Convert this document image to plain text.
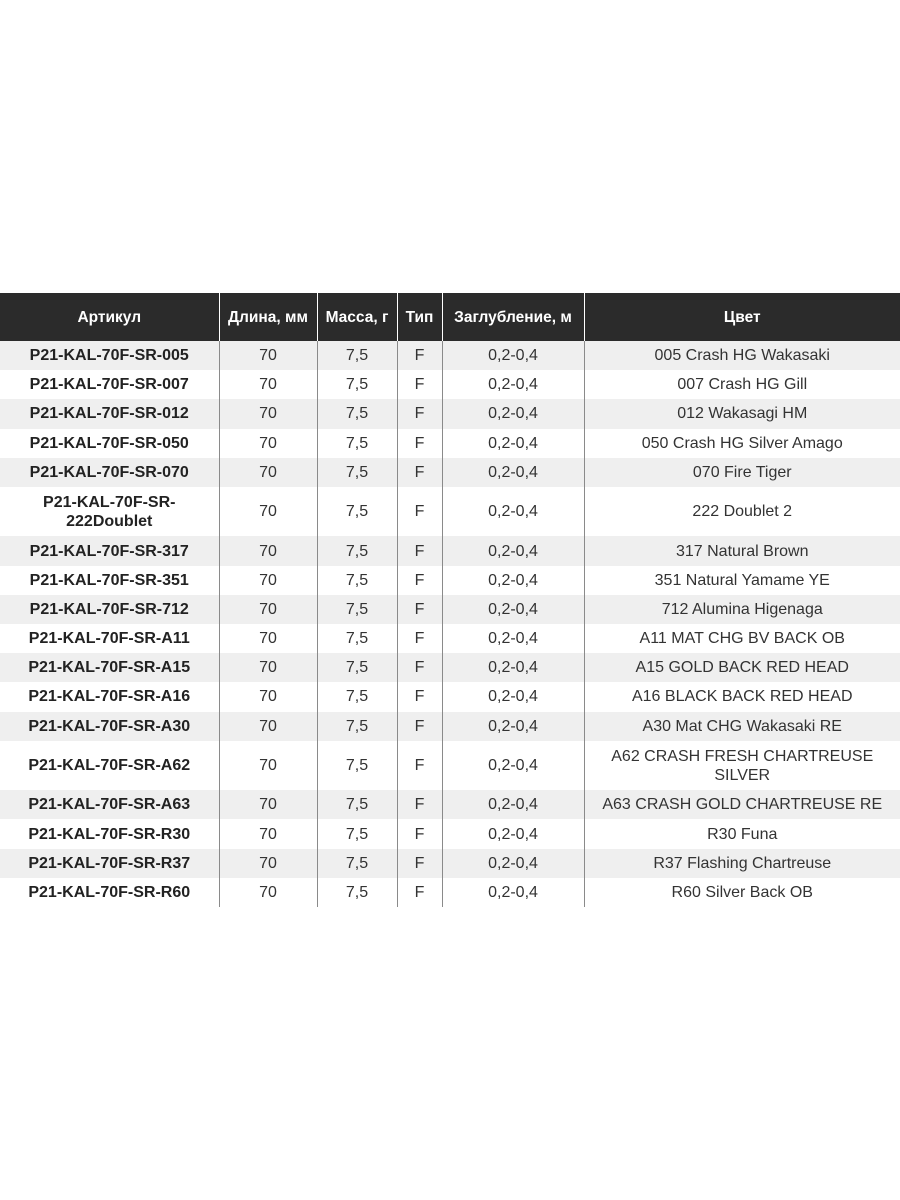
Артикул	Длина, мм	Масса, г	Тип	Заглубление, м	Цвет
P21-KAL-70F-SR-005	70	7,5	F	0,2-0,4	005 Crash HG Wakasaki
P21-KAL-70F-SR-007	70	7,5	F	0,2-0,4	007 Crash HG Gill
P21-KAL-70F-SR-012	70	7,5	F	0,2-0,4	012 Wakasagi HM
P21-KAL-70F-SR-050	70	7,5	F	0,2-0,4	050 Crash HG Silver Amago
P21-KAL-70F-SR-070	70	7,5	F	0,2-0,4	070 Fire Tiger
P21-KAL-70F-SR-222Doublet	70	7,5	F	0,2-0,4	222 Doublet 2
P21-KAL-70F-SR-317	70	7,5	F	0,2-0,4	317 Natural Brown
P21-KAL-70F-SR-351	70	7,5	F	0,2-0,4	351 Natural Yamame YE
P21-KAL-70F-SR-712	70	7,5	F	0,2-0,4	712 Alumina Higenaga
P21-KAL-70F-SR-A11	70	7,5	F	0,2-0,4	A11 MAT CHG BV BACK OB
P21-KAL-70F-SR-A15	70	7,5	F	0,2-0,4	A15 GOLD BACK RED HEAD
P21-KAL-70F-SR-A16	70	7,5	F	0,2-0,4	A16 BLACK BACK RED HEAD
P21-KAL-70F-SR-A30	70	7,5	F	0,2-0,4	A30 Mat CHG Wakasaki RE
P21-KAL-70F-SR-A62	70	7,5	F	0,2-0,4	A62 CRASH FRESH CHARTREUSE SILVER
P21-KAL-70F-SR-A63	70	7,5	F	0,2-0,4	A63 CRASH GOLD CHARTREUSE RE
P21-KAL-70F-SR-R30	70	7,5	F	0,2-0,4	R30 Funa
P21-KAL-70F-SR-R37	70	7,5	F	0,2-0,4	R37 Flashing Chartreuse
P21-KAL-70F-SR-R60	70	7,5	F	0,2-0,4	R60 Silver Back OB
